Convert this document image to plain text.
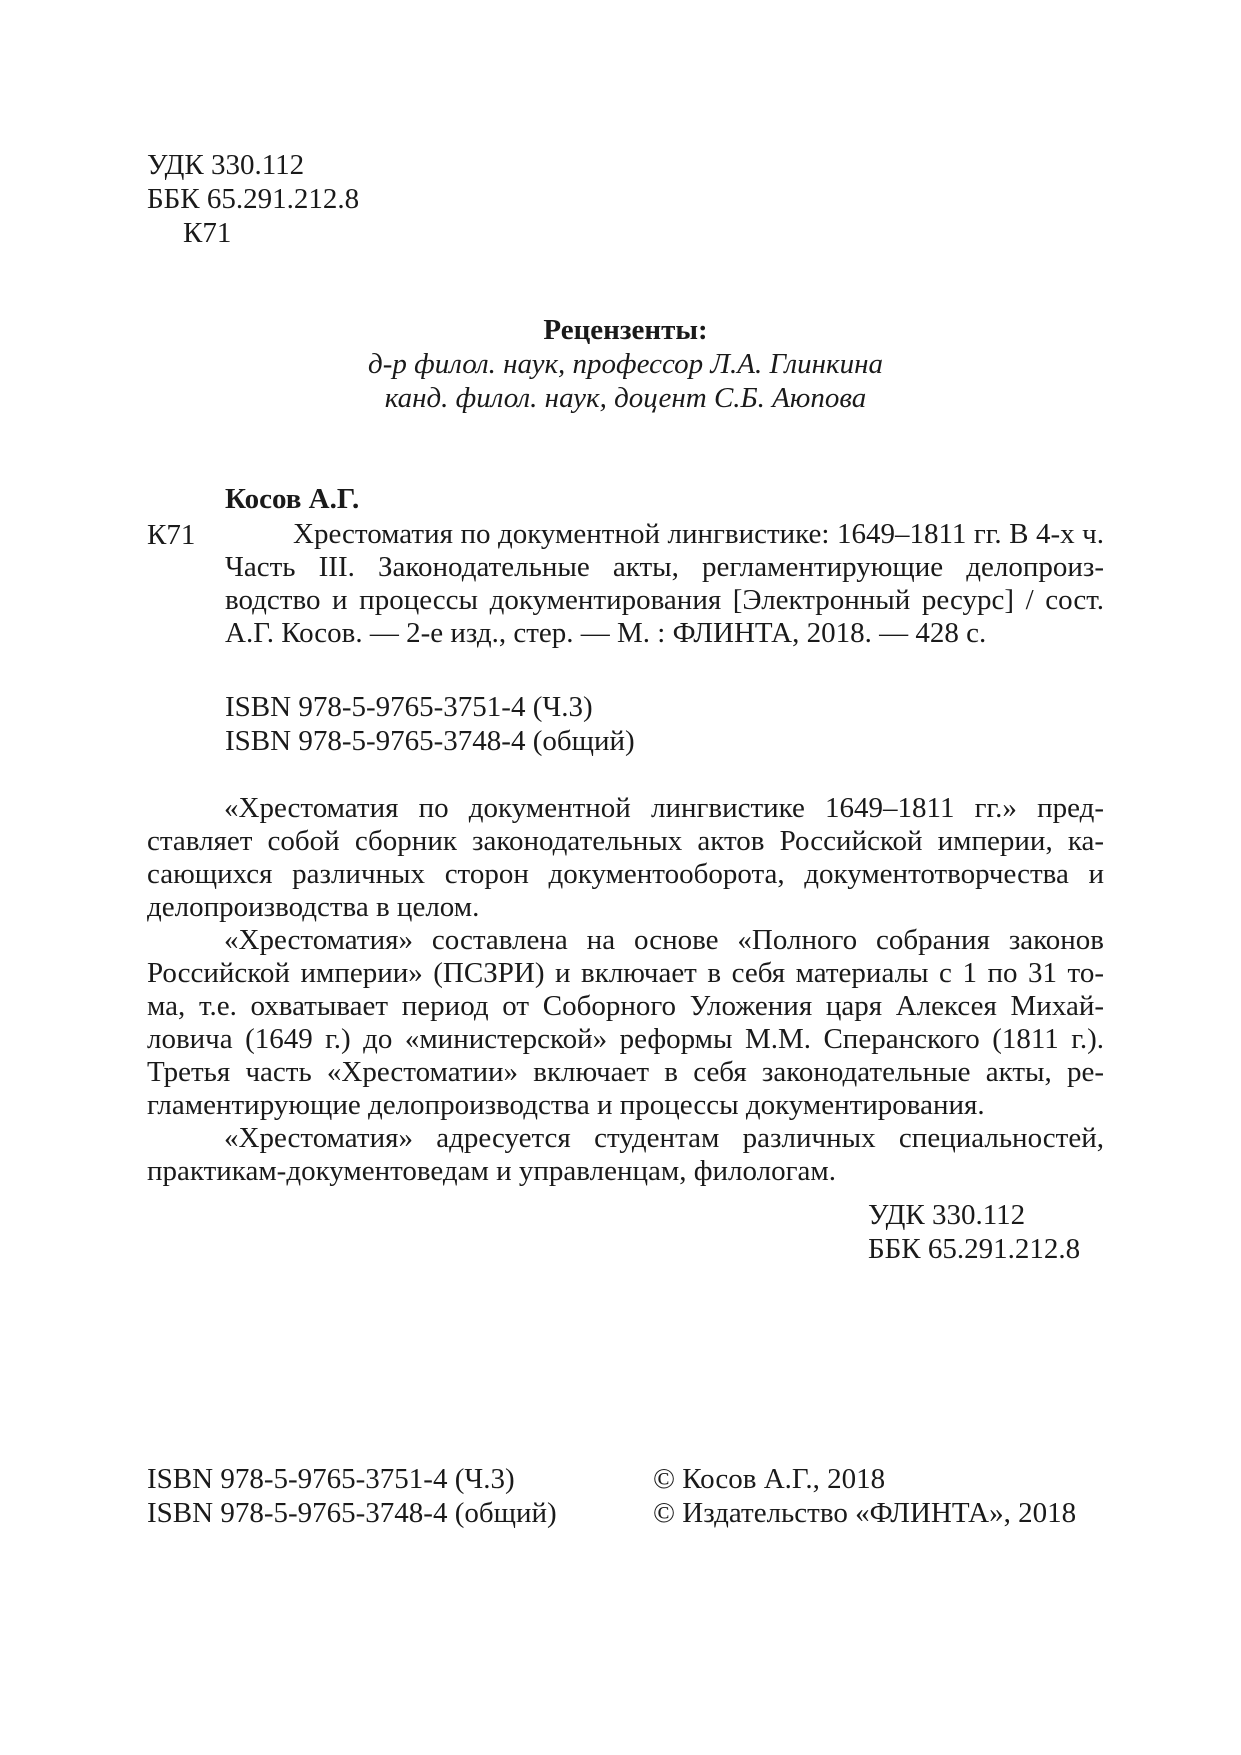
УДК 330.112
ББК 65.291.212.8
К71
Рецензенты:
д-р филол. наук, профессор Л.А. Глинкина
канд. филол. наук, доцент С.Б. Аюпова
Косов А.Г.
К71	Хрестоматия по документной лингвистике: 1649–1811 гг. В 4-х ч.
Часть III. Законодательные акты, регламентирующие делопроиз-
водство и процессы документирования [Электронный ресурс] / сост.
А.Г. Косов. — 2-е изд., стер. — М. : ФЛИНТА, 2018. — 428 с.
ISBN 978-5-9765-3751-4 (Ч.3)
ISBN 978-5-9765-3748-4 (общий)
«Хрестоматия по документной лингвистике 1649–1811 гг.» пред-
ставляет собой сборник законодательных актов Российской империи, ка-
сающихся различных сторон документооборота, документотворчества и
делопроизводства в целом.
«Хрестоматия» составлена на основе «Полного собрания законов
Российской империи» (ПСЗРИ) и включает в себя материалы с 1 по 31 то-
ма, т.е. охватывает период от Соборного Уложения царя Алексея Михай-
ловича (1649 г.) до «министерской» реформы М.М. Сперанского (1811 г.).
Третья часть «Хрестоматии» включает в себя законодательные акты, ре-
гламентирующие делопроизводства и процессы документирования.
«Хрестоматия» адресуется студентам различных специальностей,
практикам-документоведам и управленцам, филологам.
УДК 330.112
ББК 65.291.212.8
ISBN 978-5-9765-3751-4 (Ч.3)
ISBN 978-5-9765-3748-4 (общий)
© Косов А.Г., 2018
© Издательство «ФЛИНТА», 2018
